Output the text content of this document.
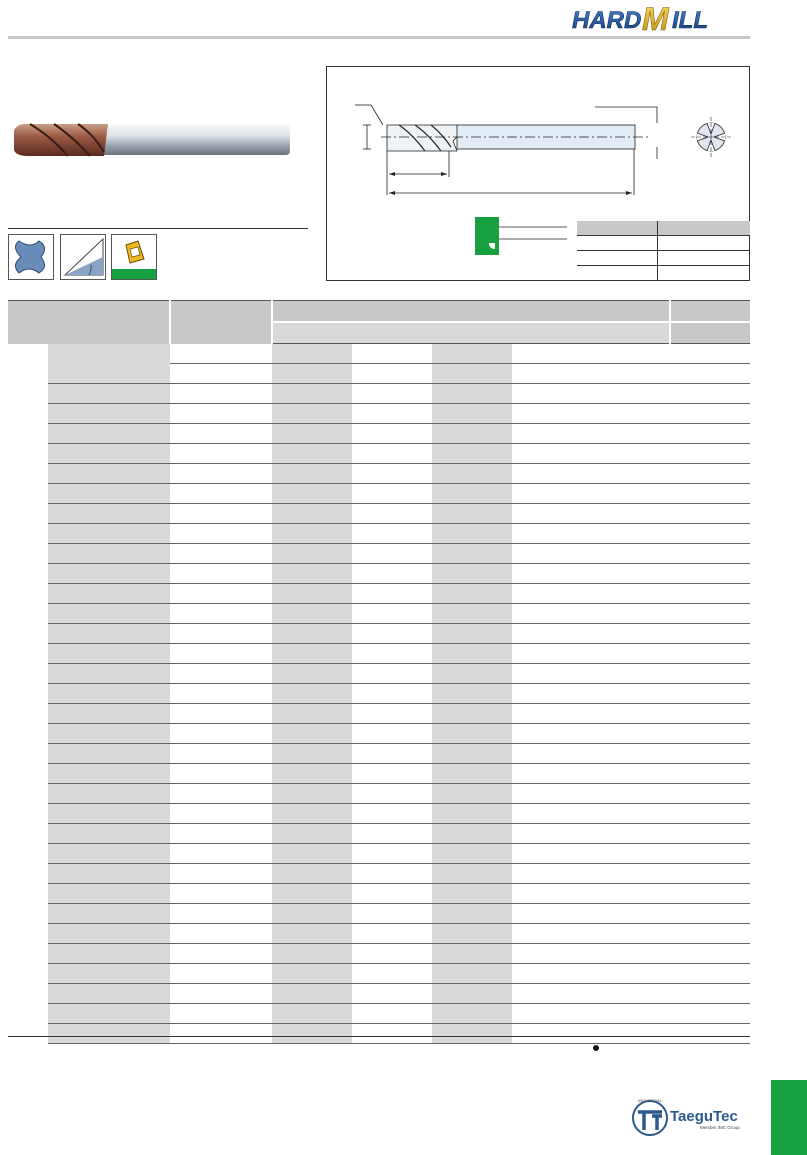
HARD M ILL

INDUSTRIAL
TaeguTec
Member IMC Group
